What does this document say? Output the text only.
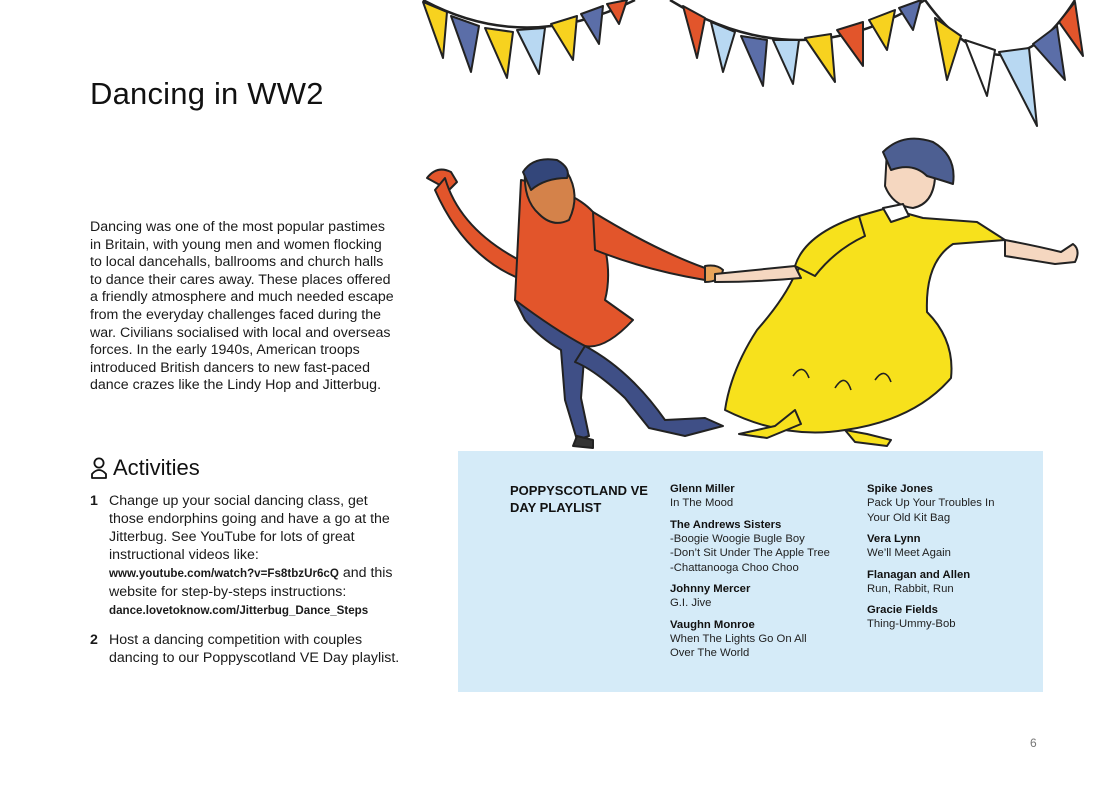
Dancing in WW2

Dancing was one of the most popular pastimes in Britain, with young men and women flocking to local dancehalls, ballrooms and church halls to dance their cares away. These places offered a friendly atmosphere and much needed escape from the everyday challenges faced during the war. Civilians socialised with local and overseas forces. In the early 1940s, American troops introduced British dancers to new fast-paced dance crazes like the Lindy Hop and Jitterbug.

Activities
1 Change up your social dancing class, get those endorphins going and have a go at the Jitterbug. See YouTube for lots of great instructional videos like: www.youtube.com/watch?v=Fs8tbzUr6cQ and this website for step-by-steps instructions: dance.lovetoknow.com/Jitterbug_Dance_Steps
2 Host a dancing competition with couples dancing to our Poppyscotland VE Day playlist.
POPPYSCOTLAND VE DAY PLAYLIST
Glenn Miller
In The Mood
The Andrews Sisters
-Boogie Woogie Bugle Boy
-Don’t Sit Under The Apple Tree
-Chattanooga Choo Choo
Johnny Mercer
G.I. Jive
Vaughn Monroe
When The Lights Go On All Over The World
Spike Jones
Pack Up Your Troubles In Your Old Kit Bag
Vera Lynn
We’ll Meet Again
Flanagan and Allen
Run, Rabbit, Run
Gracie Fields
Thing-Ummy-Bob
6
